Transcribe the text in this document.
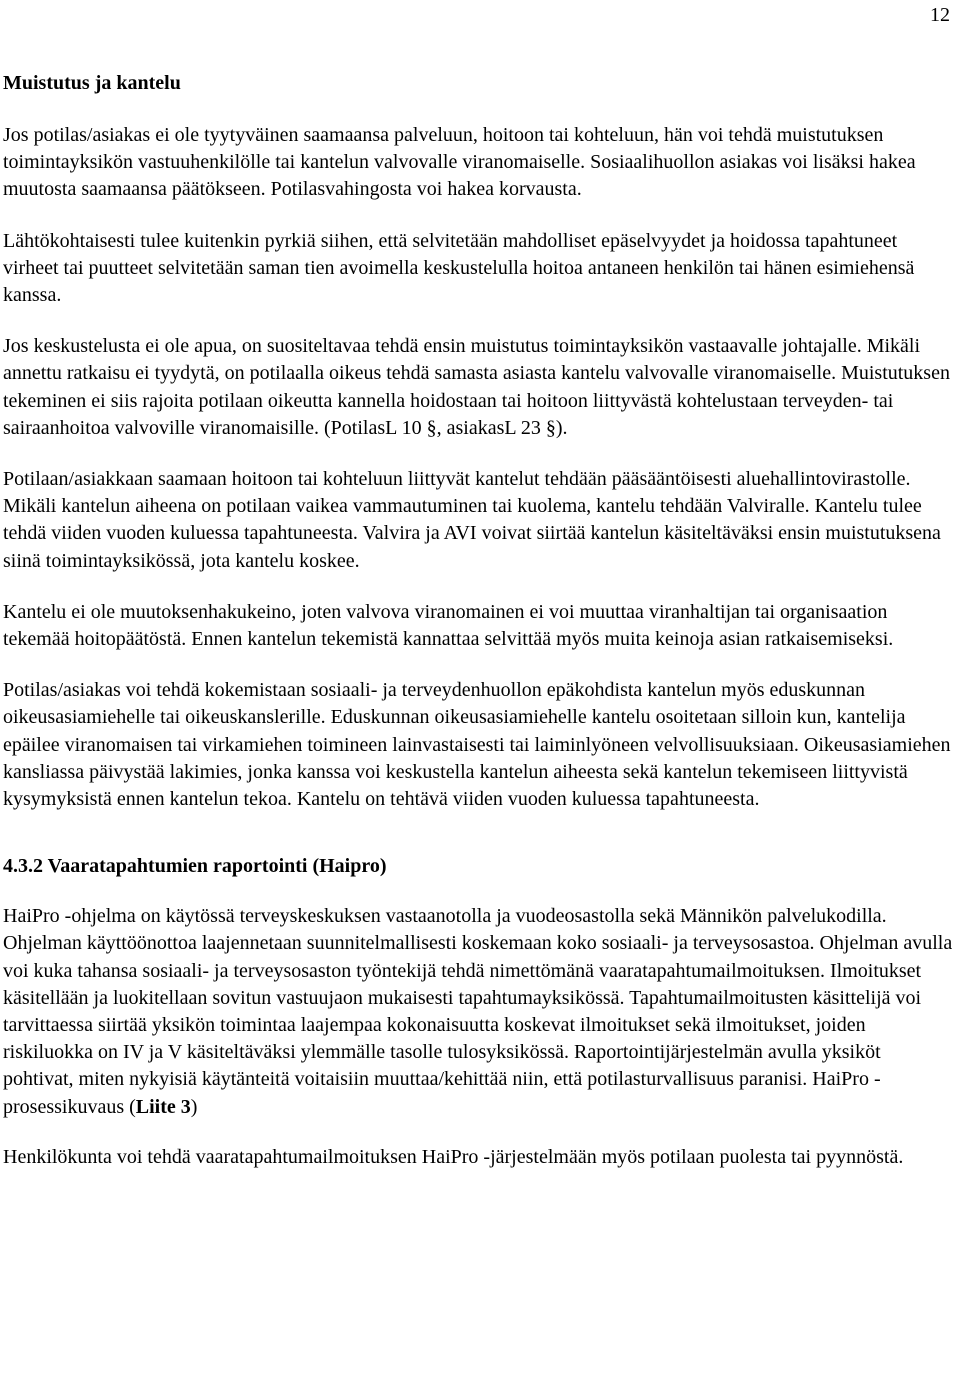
12
Muistutus ja kantelu

Jos potilas/asiakas ei ole tyytyväinen saamaansa palveluun, hoitoon tai kohteluun, hän voi tehdä muistutuksen toimintayksikön vastuuhenkilölle tai kantelun valvovalle viranomaiselle. Sosiaalihuollon asiakas voi lisäksi hakea muutosta saamaansa päätökseen. Potilasvahingosta voi hakea korvausta.

Lähtökohtaisesti tulee kuitenkin pyrkiä siihen, että selvitetään mahdolliset epäselvyydet ja hoidossa tapahtuneet virheet tai puutteet selvitetään saman tien avoimella keskustelulla hoitoa antaneen henkilön tai hänen esimiehensä kanssa.

Jos keskustelusta ei ole apua, on suositeltavaa tehdä ensin muistutus toimintayksikön vastaavalle johtajalle. Mikäli annettu ratkaisu ei tyydytä, on potilaalla oikeus tehdä samasta asiasta kantelu valvovalle viranomaiselle. Muistutuksen tekeminen ei siis rajoita potilaan oikeutta kannella hoidostaan tai hoitoon liittyvästä kohtelustaan terveyden- tai sairaanhoitoa valvoville viranomaisille. (PotilasL 10 §, asiakasL 23 §).

Potilaan/asiakkaan saamaan hoitoon tai kohteluun liittyvät kantelut tehdään pääsääntöisesti aluehallintovirastolle. Mikäli kantelun aiheena on potilaan vaikea vammautuminen tai kuolema, kantelu tehdään Valviralle. Kantelu tulee tehdä viiden vuoden kuluessa tapahtuneesta. Valvira ja AVI voivat siirtää kantelun käsiteltäväksi ensin muistutuksena siinä toimintayksikössä, jota kantelu koskee.

Kantelu ei ole muutoksenhakukeino, joten valvova viranomainen ei voi muuttaa viranhaltijan tai organisaation tekemää hoitopäätöstä. Ennen kantelun tekemistä kannattaa selvittää myös muita keinoja asian ratkaisemiseksi.

Potilas/asiakas voi tehdä kokemistaan sosiaali- ja terveydenhuollon epäkohdista kantelun myös eduskunnan oikeusasiamiehelle tai oikeuskanslerille. Eduskunnan oikeusasiamiehelle kantelu osoitetaan silloin kun, kantelija epäilee viranomaisen tai virkamiehen toimineen lainvastaisesti tai laiminlyöneen velvollisuuksiaan. Oikeusasiamiehen kansliassa päivystää lakimies, jonka kanssa voi keskustella kantelun aiheesta sekä kantelun tekemiseen liittyvistä kysymyksistä ennen kantelun tekoa. Kantelu on tehtävä viiden vuoden kuluessa tapahtuneesta.

4.3.2 Vaaratapahtumien raportointi (Haipro)

HaiPro -ohjelma on käytössä terveyskeskuksen vastaanotolla ja vuodeosastolla sekä Männikön palvelukodilla. Ohjelman käyttöönottoa laajennetaan suunnitelmallisesti koskemaan koko sosiaali- ja terveysosastoa. Ohjelman avulla voi kuka tahansa sosiaali- ja terveysosaston työntekijä tehdä nimettömänä vaaratapahtumailmoituksen. Ilmoitukset käsitellään ja luokitellaan sovitun vastuujaon mukaisesti tapahtumayksikössä. Tapahtumailmoitusten käsittelijä voi tarvittaessa siirtää yksikön toimintaa laajempaa kokonaisuutta koskevat ilmoitukset sekä ilmoitukset, joiden riskiluokka on IV ja V käsiteltäväksi ylemmälle tasolle tulosyksikössä. Raportointijärjestelmän avulla yksiköt pohtivat, miten nykyisiä käytänteitä voitaisiin muuttaa/kehittää niin, että potilasturvallisuus paranisi. HaiPro - prosessikuvaus (Liite 3)

Henkilökunta voi tehdä vaaratapahtumailmoituksen HaiPro -järjestelmään myös potilaan puolesta tai pyynnöstä.
